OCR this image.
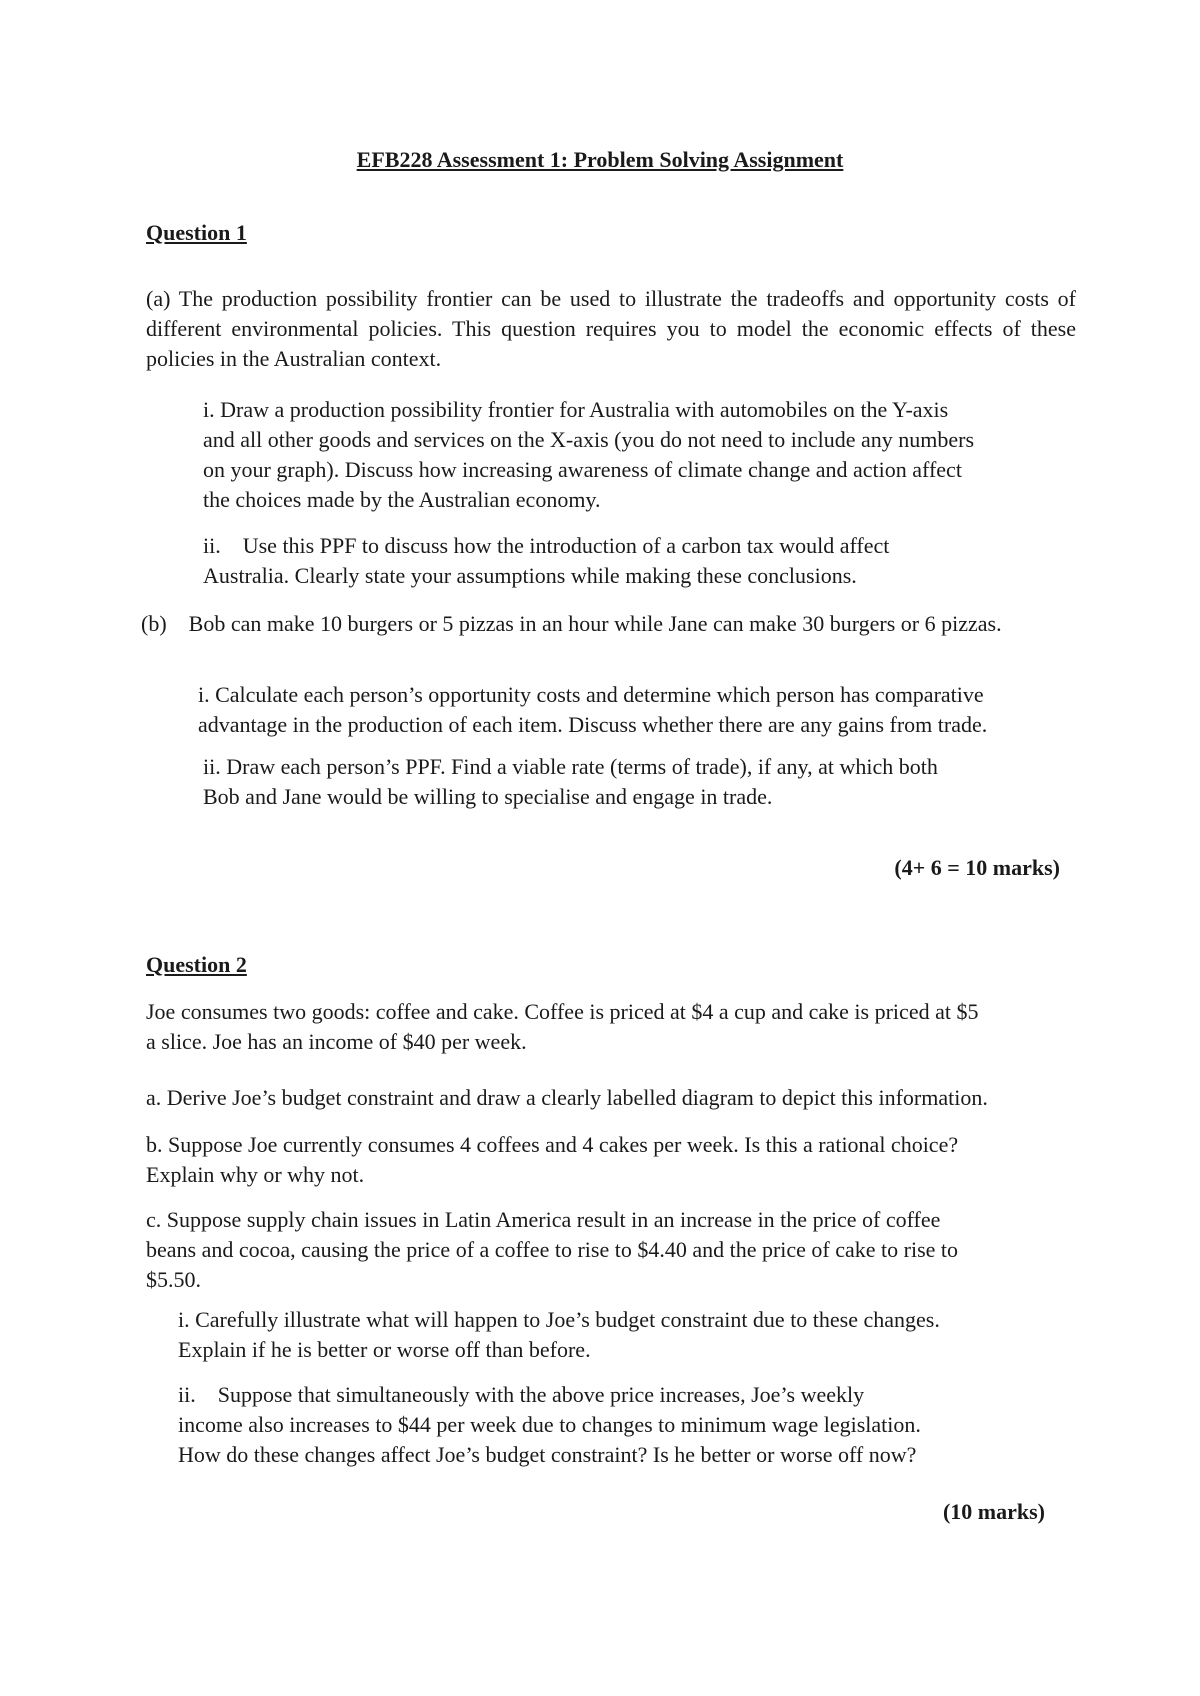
EFB228 Assessment 1: Problem Solving Assignment
Question 1
(a) The production possibility frontier can be used to illustrate the tradeoffs and opportunity costs of different environmental policies. This question requires you to model the economic effects of these policies in the Australian context.
i. Draw a production possibility frontier for Australia with automobiles on the Y-axis
and all other goods and services on the X-axis (you do not need to include any numbers
on your graph). Discuss how increasing awareness of climate change and action affect
the choices made by the Australian economy.
ii.    Use this PPF to discuss how the introduction of a carbon tax would affect
Australia. Clearly state your assumptions while making these conclusions.
(b)    Bob can make 10 burgers or 5 pizzas in an hour while Jane can make 30 burgers or 6 pizzas.
i. Calculate each person’s opportunity costs and determine which person has comparative
advantage in the production of each item. Discuss whether there are any gains from trade.
ii. Draw each person’s PPF. Find a viable rate (terms of trade), if any, at which both
Bob and Jane would be willing to specialise and engage in trade.
(4+ 6 = 10 marks)
Question 2
Joe consumes two goods: coffee and cake. Coffee is priced at $4 a cup and cake is priced at $5
a slice. Joe has an income of $40 per week.
a. Derive Joe’s budget constraint and draw a clearly labelled diagram to depict this information.
b. Suppose Joe currently consumes 4 coffees and 4 cakes per week. Is this a rational choice?
Explain why or why not.
c. Suppose supply chain issues in Latin America result in an increase in the price of coffee
beans and cocoa, causing the price of a coffee to rise to $4.40 and the price of cake to rise to
$5.50.
i. Carefully illustrate what will happen to Joe’s budget constraint due to these changes.
Explain if he is better or worse off than before.
ii.    Suppose that simultaneously with the above price increases, Joe’s weekly
income also increases to $44 per week due to changes to minimum wage legislation.
How do these changes affect Joe’s budget constraint? Is he better or worse off now?
(10 marks)
